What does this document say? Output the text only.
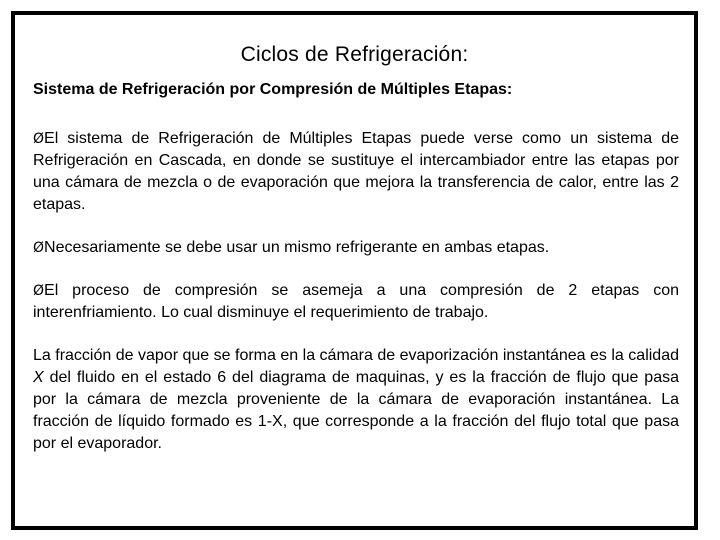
Ciclos de Refrigeración:

Sistema de Refrigeración por Compresión de Múltiples Etapas:

ØEl sistema de Refrigeración de Múltiples Etapas puede verse como un sistema de Refrigeración en Cascada, en donde se sustituye el intercambiador entre las etapas por una cámara de mezcla o de evaporación que mejora la transferencia de calor, entre las 2 etapas.

ØNecesariamente se debe usar un mismo refrigerante en ambas etapas.

ØEl proceso de compresión se asemeja a una compresión de 2 etapas con interenfriamiento. Lo cual disminuye el requerimiento de trabajo.

La fracción de vapor que se forma en la cámara de evaporización instantánea es la calidad X del fluido en el estado 6 del diagrama de maquinas, y es la fracción de flujo que pasa por la cámara de mezcla proveniente de la cámara de evaporación instantánea. La fracción de líquido formado es 1-X, que corresponde a la fracción del flujo total que pasa por el evaporador.
